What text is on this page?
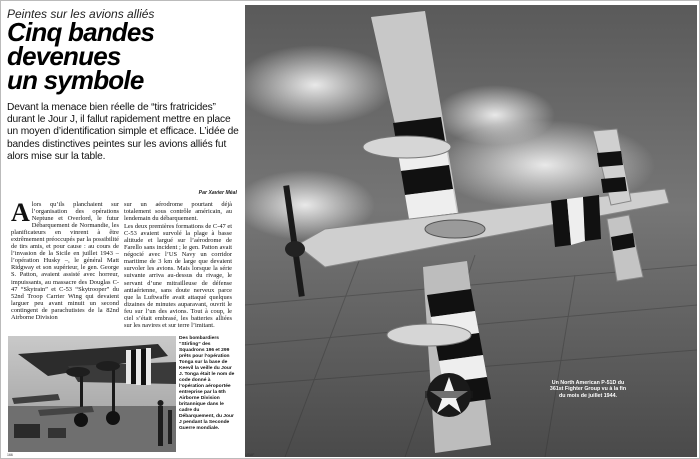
Peintes sur les avions alliés
Cinq bandes
devenues
un symbole
Devant la menace bien réelle de “tirs fratricides” durant le Jour J, il fallut rapidement mettre en place un moyen d’identification simple et efficace. L’idée de bandes distinctives peintes sur les avions alliés fut alors mise sur la table.
Par Xavier Méal
A lors qu’ils planchaient sur l’organisation des opérations Neptune et Overlord, le futur Débarquement de Normandie, les planificateurs en vinrent à être extrêmement préoccupés par la possibilité de tirs amis, et pour cause : au cours de l’invasion de la Sicile en juillet 1943 – l’opération Husky –, le général Matt Ridgway et son supérieur, le gen. George S. Patton, avaient assisté avec horreur, impuissants, au massacre des Douglas C-47 “Skytrain” et C-53 “Skytrooper” du 52nd Troop Carrier Wing qui devaient larguer peu avant minuit un second contingent de parachutistes de la 82nd Airborne Division

sur un aérodrome pourtant déjà totalement sous contrôle américain, au lendemain du débarquement.

Les deux premières formations de C-47 et C-53 avaient survolé la plage à basse altitude et largué sur l’aérodrome de Farello sans incident ; le gen. Patton avait négocié avec l’US Navy un corridor maritime de 3 km de large que devaient survoler les avions. Mais lorsque la série suivante arriva au-dessus du rivage, le servant d’une mitrailleuse de défense antiaérienne, sans doute nerveux parce que la Luftwaffe avait attaqué quelques dizaines de minutes auparavant, ouvrit le feu sur l’un des avions. Tout à coup, le ciel s’était embrasé, les batteries alliées sur les navires et sur terre l’imitant.

Des bombardiers “Stirling” des Squadrons 196 et 299 prêts pour l’opération Tonga sur la base de Keevil la veille du Jour J. Tonga était le nom de code donné à l’opération aéroportée entreprise par la 6th Airborne Division britannique dans le cadre du Débarquement, du Jour J pendant la Seconde Guerre mondiale.
166
Un North American P-51D du 361st Fighter Group vu à la fin du mois de juillet 1944.
USAF
